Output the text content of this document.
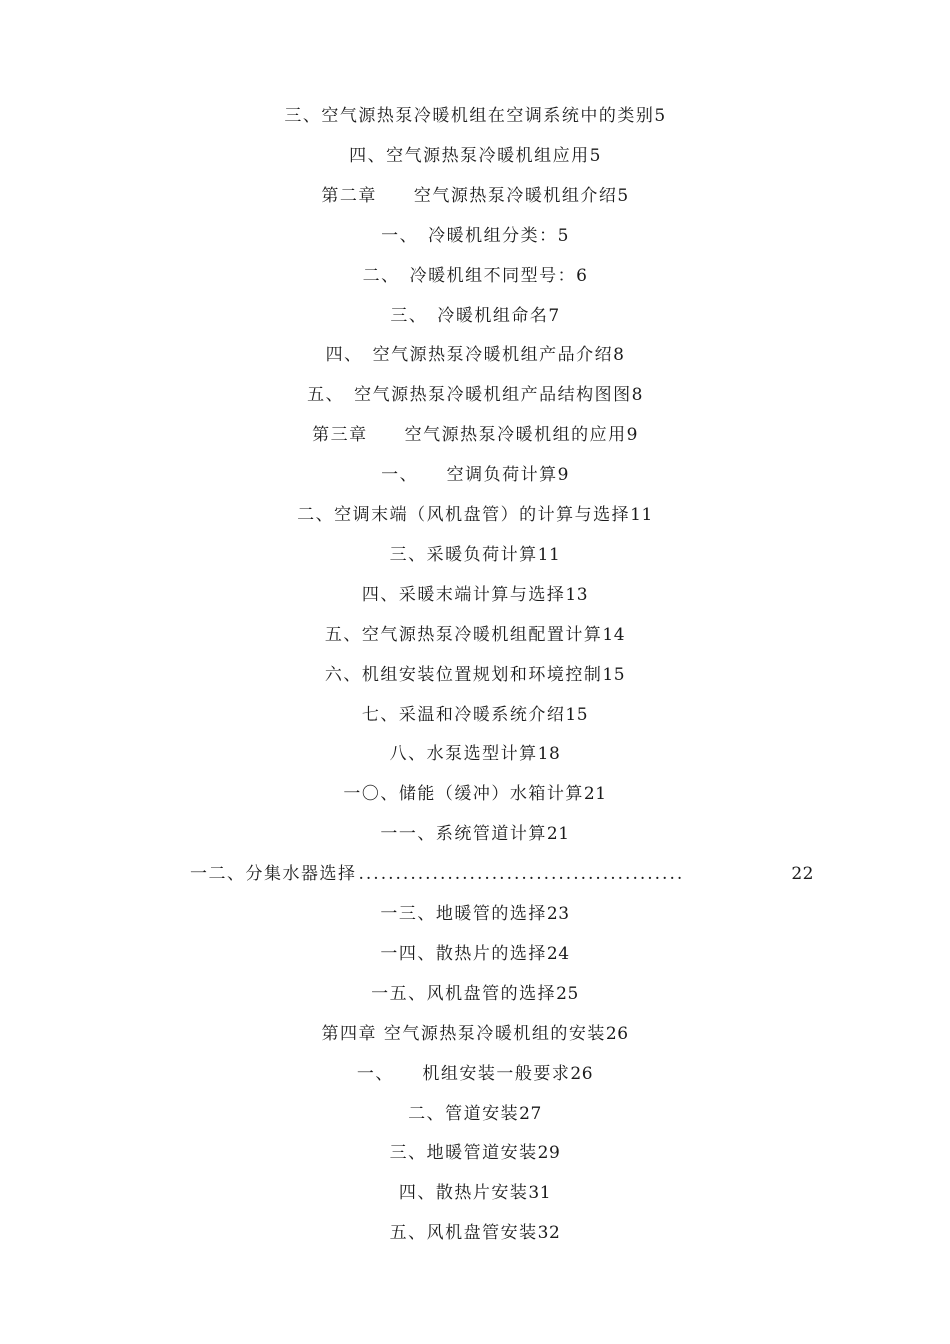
三、空气源热泵冷暖机组在空调系统中的类别5
四、空气源热泵冷暖机组应用5
第二章　　空气源热泵冷暖机组介绍5
一、　冷暖机组分类：5
二、　冷暖机组不同型号：6
三、　冷暖机组命名7
四、　空气源热泵冷暖机组产品介绍8
五、　空气源热泵冷暖机组产品结构图图8
第三章　　空气源热泵冷暖机组的应用9
一、　　空调负荷计算9
二、空调末端（风机盘管）的计算与选择11
三、采暖负荷计算11
四、采暖末端计算与选择13
五、空气源热泵冷暖机组配置计算14
六、机组安装位置规划和环境控制15
七、采温和冷暖系统介绍15
八、水泵选型计算18
一〇、储能（缓冲）水箱计算21
一一、系统管道计算21
一二、分集水器选择 ............................................	22
一三、地暖管的选择23
一四、散热片的选择24
一五、风机盘管的选择25
第四章 空气源热泵冷暖机组的安装26
一、　　机组安装一般要求26
二、管道安装27
三、地暖管道安装29
四、散热片安装31
五、风机盘管安装32
